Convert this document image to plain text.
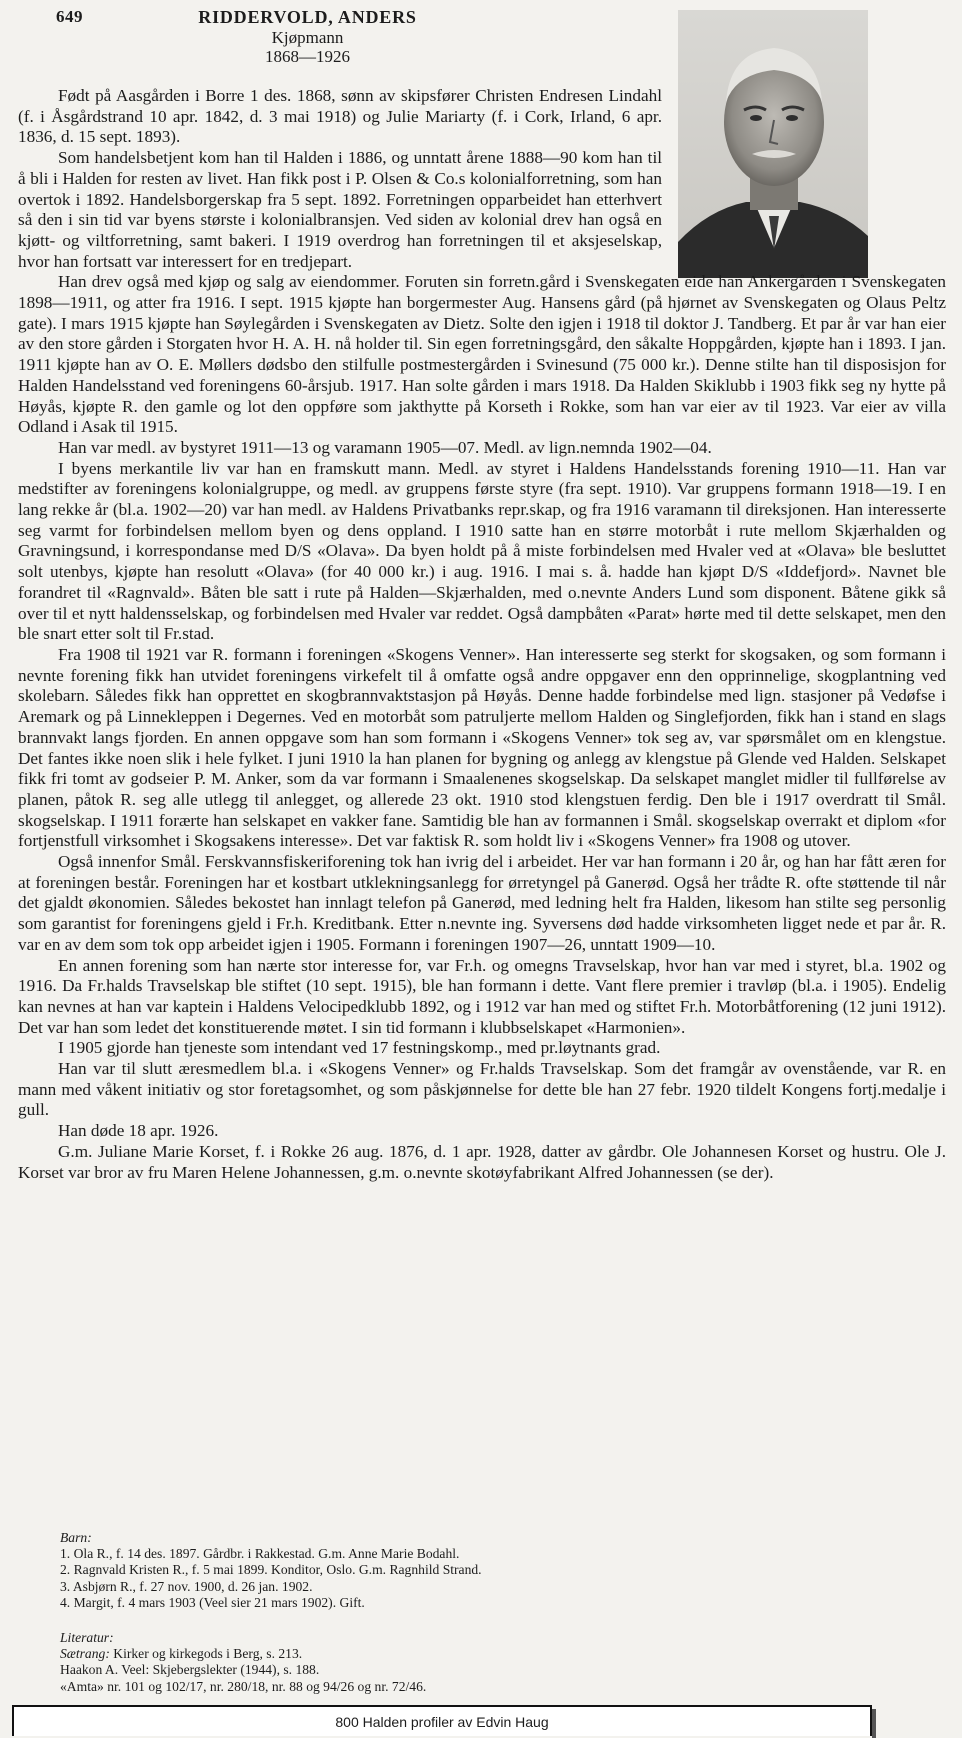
649	RIDDERVOLD, ANDERS
Kjøpmann
1868—1926

Født på Aasgården i Borre 1 des. 1868, sønn av skipsfører Christen Endresen Lindahl (f. i Åsgårdstrand 10 apr. 1842, d. 3 mai 1918) og Julie Mariarty (f. i Cork, Irland, 6 apr. 1836, d. 15 sept. 1893).

Som handelsbetjent kom han til Halden i 1886, og unntatt årene 1888—90 kom han til å bli i Halden for resten av livet. Han fikk post i P. Olsen & Co.s kolonialforretning, som han overtok i 1892. Handelsborgerskap fra 5 sept. 1892. Forretningen opparbeidet han etterhvert så den i sin tid var byens største i kolonialbransjen. Ved siden av kolonial drev han også en kjøtt- og viltforretning, samt bakeri. I 1919 overdrog han forretningen til et aksjeselskap, hvor han fortsatt var interessert for en tredjepart.

Han drev også med kjøp og salg av eiendommer. Foruten sin forretn.gård i Svenskegaten eide han Ankergården i Svenskegaten 1898—1911, og atter fra 1916. I sept. 1915 kjøpte han borgermester Aug. Hansens gård (på hjørnet av Svenskegaten og Olaus Peltz gate). I mars 1915 kjøpte han Søylegården i Svenskegaten av Dietz. Solte den igjen i 1918 til doktor J. Tandberg. Et par år var han eier av den store gården i Storgaten hvor H. A. H. nå holder til. Sin egen forretningsgård, den såkalte Hoppgården, kjøpte han i 1893. I jan. 1911 kjøpte han av O. E. Møllers dødsbo den stilfulle postmestergården i Svinesund (75 000 kr.). Denne stilte han til disposisjon for Halden Handelsstand ved foreningens 60-årsjub. 1917. Han solte gården i mars 1918. Da Halden Skiklubb i 1903 fikk seg ny hytte på Høyås, kjøpte R. den gamle og lot den oppføre som jakthytte på Korseth i Rokke, som han var eier av til 1923. Var eier av villa Odland i Asak til 1915.

Han var medl. av bystyret 1911—13 og varamann 1905—07. Medl. av lign.nemnda 1902—04.

I byens merkantile liv var han en framskutt mann. Medl. av styret i Haldens Handelsstands forening 1910—11. Han var medstifter av foreningens kolonialgruppe, og medl. av gruppens første styre (fra sept. 1910). Var gruppens formann 1918—19. I en lang rekke år (bl.a. 1902—20) var han medl. av Haldens Privatbanks repr.skap, og fra 1916 varamann til direksjonen. Han interesserte seg varmt for forbindelsen mellom byen og dens oppland. I 1910 satte han en større motorbåt i rute mellom Skjærhalden og Gravningsund, i korrespondanse med D/S «Olava». Da byen holdt på å miste forbindelsen med Hvaler ved at «Olava» ble besluttet solt utenbys, kjøpte han resolutt «Olava» (for 40 000 kr.) i aug. 1916. I mai s. å. hadde han kjøpt D/S «Iddefjord». Navnet ble forandret til «Ragnvald». Båten ble satt i rute på Halden—Skjærhalden, med o.nevnte Anders Lund som disponent. Båtene gikk så over til et nytt haldensselskap, og forbindelsen med Hvaler var reddet. Også dampbåten «Parat» hørte med til dette selskapet, men den ble snart etter solt til Fr.stad.

Fra 1908 til 1921 var R. formann i foreningen «Skogens Venner». Han interesserte seg sterkt for skogsaken, og som formann i nevnte forening fikk han utvidet foreningens virkefelt til å omfatte også andre oppgaver enn den opprinnelige, skogplantning ved skolebarn. Således fikk han opprettet en skogbrannvaktstasjon på Høyås. Denne hadde forbindelse med lign. stasjoner på Vedøfse i Aremark og på Linnekleppen i Degernes. Ved en motorbåt som patruljerte mellom Halden og Singlefjorden, fikk han i stand en slags brannvakt langs fjorden. En annen oppgave som han som formann i «Skogens Venner» tok seg av, var spørsmålet om en klengstue. Det fantes ikke noen slik i hele fylket. I juni 1910 la han planen for bygning og anlegg av klengstue på Glende ved Halden. Selskapet fikk fri tomt av godseier P. M. Anker, som da var formann i Smaalenenes skogselskap. Da selskapet manglet midler til fullførelse av planen, påtok R. seg alle utlegg til anlegget, og allerede 23 okt. 1910 stod klengstuen ferdig. Den ble i 1917 overdratt til Smål. skogselskap. I 1911 forærte han selskapet en vakker fane. Samtidig ble han av formannen i Smål. skogselskap overrakt et diplom «for fortjenstfull virksomhet i Skogsakens interesse». Det var faktisk R. som holdt liv i «Skogens Venner» fra 1908 og utover.

Også innenfor Smål. Ferskvannsfiskeriforening tok han ivrig del i arbeidet. Her var han formann i 20 år, og han har fått æren for at foreningen består. Foreningen har et kostbart utklekningsanlegg for ørretyngel på Ganerød. Også her trådte R. ofte støttende til når det gjaldt økonomien. Således bekostet han innlagt telefon på Ganerød, med ledning helt fra Halden, likesom han stilte seg personlig som garantist for foreningens gjeld i Fr.h. Kreditbank. Etter n.nevnte ing. Syversens død hadde virksomheten ligget nede et par år. R. var en av dem som tok opp arbeidet igjen i 1905. Formann i foreningen 1907—26, unntatt 1909—10.

En annen forening som han nærte stor interesse for, var Fr.h. og omegns Travselskap, hvor han var med i styret, bl.a. 1902 og 1916. Da Fr.halds Travselskap ble stiftet (10 sept. 1915), ble han formann i dette. Vant flere premier i travløp (bl.a. i 1905). Endelig kan nevnes at han var kaptein i Haldens Velocipedklubb 1892, og i 1912 var han med og stiftet Fr.h. Motorbåtforening (12 juni 1912). Det var han som ledet det konstituerende møtet. I sin tid formann i klubbselskapet «Harmonien».

I 1905 gjorde han tjeneste som intendant ved 17 festningskomp., med pr.løytnants grad.

Han var til slutt æresmedlem bl.a. i «Skogens Venner» og Fr.halds Travselskap. Som det framgår av ovenstående, var R. en mann med våkent initiativ og stor foretagsomhet, og som påskjønnelse for dette ble han 27 febr. 1920 tildelt Kongens fortj.medalje i gull.

Han døde 18 apr. 1926.

G.m. Juliane Marie Korset, f. i Rokke 26 aug. 1876, d. 1 apr. 1928, datter av gårdbr. Ole Johannesen Korset og hustru. Ole J. Korset var bror av fru Maren Helene Johannessen, g.m. o.nevnte skotøyfabrikant Alfred Johannessen (se der).

Barn:
1. Ola R., f. 14 des. 1897. Gårdbr. i Rakkestad. G.m. Anne Marie Bodahl.
2. Ragnvald Kristen R., f. 5 mai 1899. Konditor, Oslo. G.m. Ragnhild Strand.
3. Asbjørn R., f. 27 nov. 1900, d. 26 jan. 1902.
4. Margit, f. 4 mars 1903 (Veel sier 21 mars 1902). Gift.
Literatur:
Sætrang: Kirker og kirkegods i Berg, s. 213.
Haakon A. Veel: Skjebergslekter (1944), s. 188.
«Amta» nr. 101 og 102/17, nr. 280/18, nr. 88 og 94/26 og nr. 72/46.
800 Halden profiler av Edvin Haug
